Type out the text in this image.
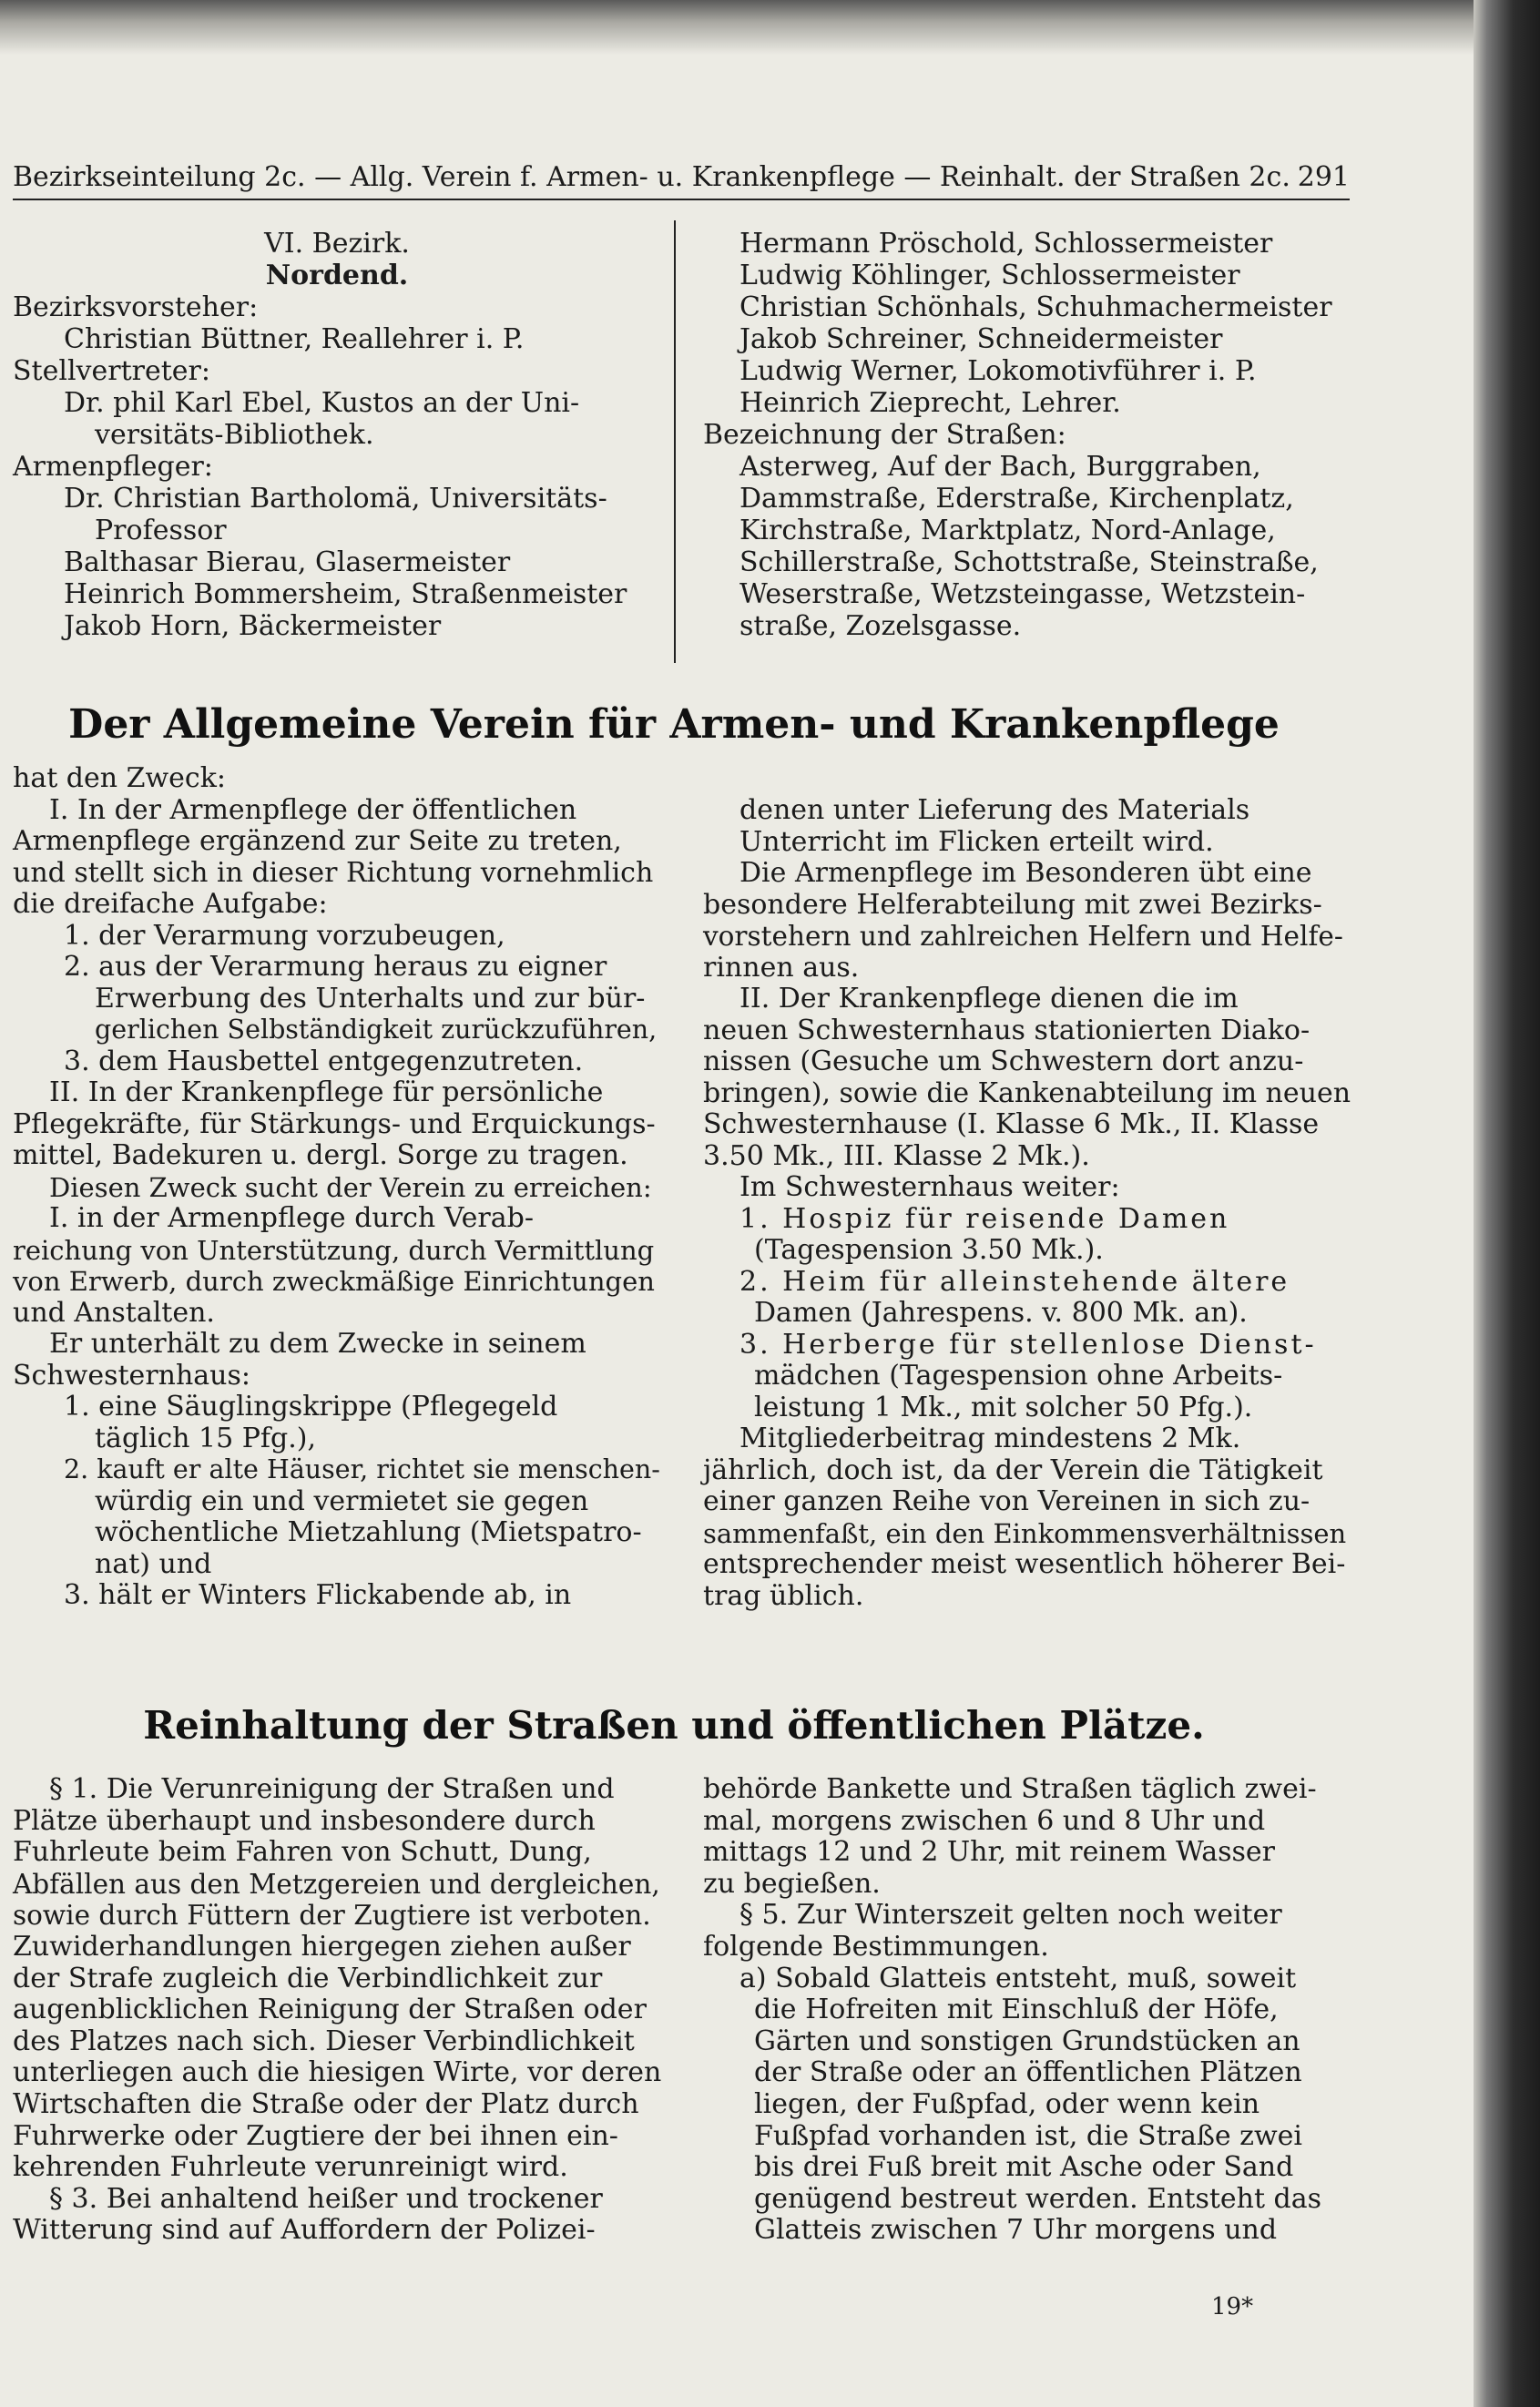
Bezirkseinteilung 2c. — Allg. Verein f. Armen- u. Krankenpflege — Reinhalt. der Straßen 2c. 291

VI. Bezirk.

Nordend.

Bezirksvorsteher:

Christian Büttner, Reallehrer i. P.

Stellvertreter:

Dr. phil Karl Ebel, Kustos an der Uni-

versitäts-Bibliothek.

Armenpfleger:

Dr. Christian Bartholomä, Universitäts-

Professor

Balthasar Bierau, Glasermeister

Heinrich Bommersheim, Straßenmeister

Jakob Horn, Bäckermeister

Hermann Pröschold, Schlossermeister

Ludwig Köhlinger, Schlossermeister

Christian Schönhals, Schuhmachermeister

Jakob Schreiner, Schneidermeister

Ludwig Werner, Lokomotivführer i. P.

Heinrich Zieprecht, Lehrer.

Bezeichnung der Straßen:

Asterweg, Auf der Bach, Burggraben,

Dammstraße, Ederstraße, Kirchenplatz,

Kirchstraße, Marktplatz, Nord-Anlage,

Schillerstraße, Schottstraße, Steinstraße,

Weserstraße, Wetzsteingasse, Wetzstein-

straße, Zozelsgasse.

Der Allgemeine Verein für Armen- und Krankenpflege

hat den Zweck:

I. In der Armenpflege der öffentlichen

Armenpflege ergänzend zur Seite zu treten,

und stellt sich in dieser Richtung vornehmlich

die dreifache Aufgabe:

1. der Verarmung vorzubeugen,

2. aus der Verarmung heraus zu eigner

Erwerbung des Unterhalts und zur bür-

gerlichen Selbständigkeit zurückzuführen,

3. dem Hausbettel entgegenzutreten.

II. In der Krankenpflege für persönliche

Pflegekräfte, für Stärkungs- und Erquickungs-

mittel, Badekuren u. dergl. Sorge zu tragen.

Diesen Zweck sucht der Verein zu erreichen:

I. in der Armenpflege durch Verab-

reichung von Unterstützung, durch Vermittlung

von Erwerb, durch zweckmäßige Einrichtungen

und Anstalten.

Er unterhält zu dem Zwecke in seinem

Schwesternhaus:

1. eine Säuglingskrippe (Pflegegeld

täglich 15 Pfg.),

2. kauft er alte Häuser, richtet sie menschen-

würdig ein und vermietet sie gegen

wöchentliche Mietzahlung (Mietspatro-

nat) und

3. hält er Winters Flickabende ab, in

denen unter Lieferung des Materials

Unterricht im Flicken erteilt wird.

Die Armenpflege im Besonderen übt eine

besondere Helferabteilung mit zwei Bezirks-

vorstehern und zahlreichen Helfern und Helfe-

rinnen aus.

II. Der Krankenpflege dienen die im

neuen Schwesternhaus stationierten Diako-

nissen (Gesuche um Schwestern dort anzu-

bringen), sowie die Kankenabteilung im neuen

Schwesternhause (I. Klasse 6 Mk., II. Klasse

3.50 Mk., III. Klasse 2 Mk.).

Im Schwesternhaus weiter:

1. Hospiz für reisende Damen

(Tagespension 3.50 Mk.).

2. Heim für alleinstehende ältere

Damen (Jahrespens. v. 800 Mk. an).

3. Herberge für stellenlose Dienst-

mädchen (Tagespension ohne Arbeits-

leistung 1 Mk., mit solcher 50 Pfg.).

Mitgliederbeitrag mindestens 2 Mk.

jährlich, doch ist, da der Verein die Tätigkeit

einer ganzen Reihe von Vereinen in sich zu-

sammenfaßt, ein den Einkommensverhältnissen

entsprechender meist wesentlich höherer Bei-

trag üblich.

Reinhaltung der Straßen und öffentlichen Plätze.

§ 1. Die Verunreinigung der Straßen und

Plätze überhaupt und insbesondere durch

Fuhrleute beim Fahren von Schutt, Dung,

Abfällen aus den Metzgereien und dergleichen,

sowie durch Füttern der Zugtiere ist verboten.

Zuwiderhandlungen hiergegen ziehen außer

der Strafe zugleich die Verbindlichkeit zur

augenblicklichen Reinigung der Straßen oder

des Platzes nach sich. Dieser Verbindlichkeit

unterliegen auch die hiesigen Wirte, vor deren

Wirtschaften die Straße oder der Platz durch

Fuhrwerke oder Zugtiere der bei ihnen ein-

kehrenden Fuhrleute verunreinigt wird.

§ 3. Bei anhaltend heißer und trockener

Witterung sind auf Auffordern der Polizei-

behörde Bankette und Straßen täglich zwei-

mal, morgens zwischen 6 und 8 Uhr und

mittags 12 und 2 Uhr, mit reinem Wasser

zu begießen.

§ 5. Zur Winterszeit gelten noch weiter

folgende Bestimmungen.

a) Sobald Glatteis entsteht, muß, soweit

die Hofreiten mit Einschluß der Höfe,

Gärten und sonstigen Grundstücken an

der Straße oder an öffentlichen Plätzen

liegen, der Fußpfad, oder wenn kein

Fußpfad vorhanden ist, die Straße zwei

bis drei Fuß breit mit Asche oder Sand

genügend bestreut werden. Entsteht das

Glatteis zwischen 7 Uhr morgens und

19*
